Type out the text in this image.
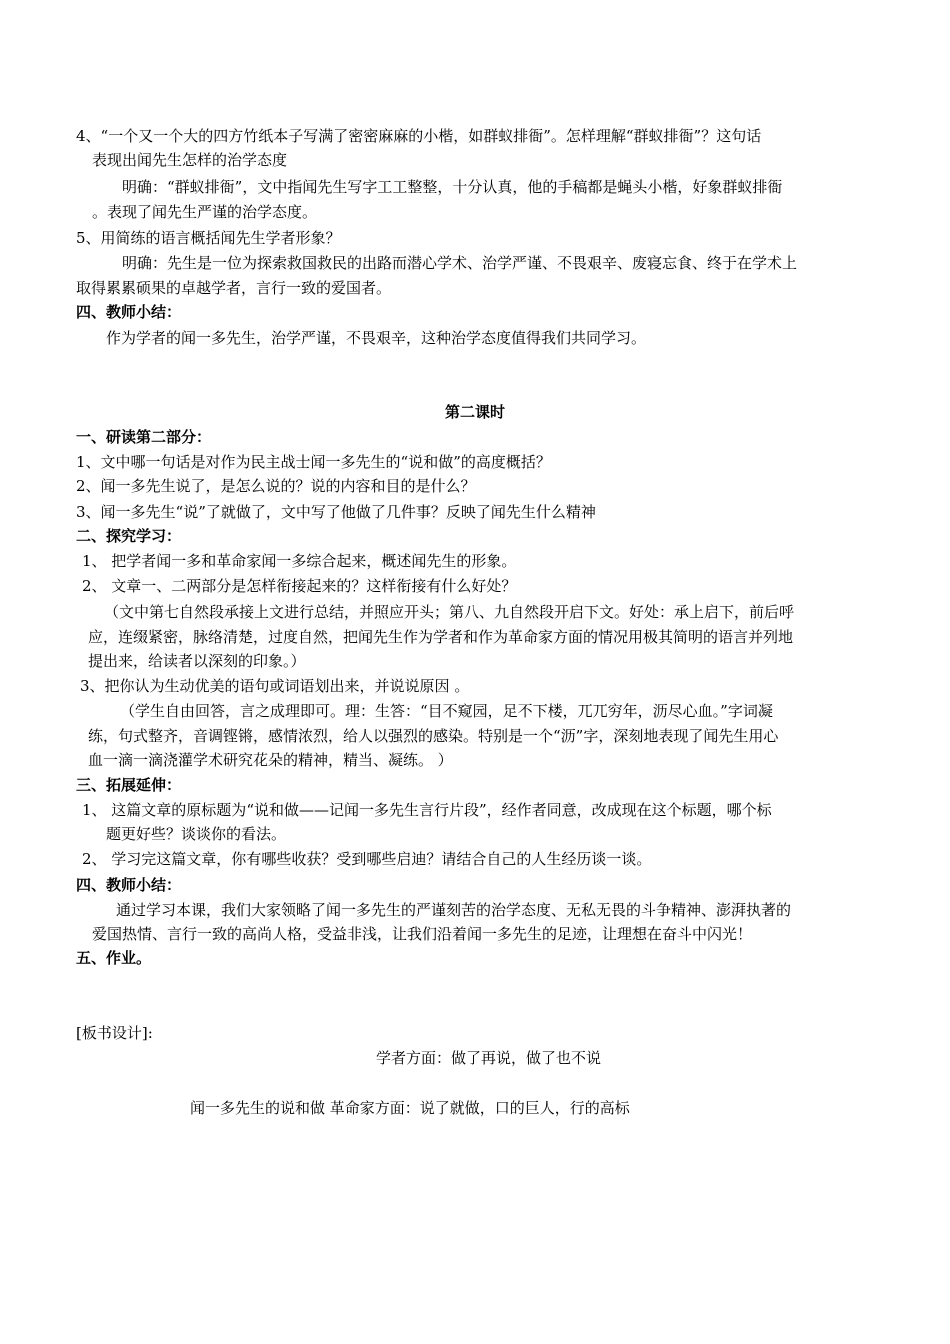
4、“一个又一个大的四方竹纸本子写满了密密麻麻的小楷，如群蚁排衙”。怎样理解“群蚁排衙”？这句话
表现出闻先生怎样的治学态度
明确：“群蚁排衙”，文中指闻先生写字工工整整，十分认真，他的手稿都是蝇头小楷，好象群蚁排衙
。表现了闻先生严谨的治学态度。
5、用简练的语言概括闻先生学者形象？
明确：先生是一位为探索救国救民的出路而潜心学术、治学严谨、不畏艰辛、废寝忘食、终于在学术上
取得累累硕果的卓越学者，言行一致的爱国者。
四、教师小结：
作为学者的闻一多先生，治学严谨，不畏艰辛，这种治学态度值得我们共同学习。
第二课时
一、研读第二部分：
1、文中哪一句话是对作为民主战士闻一多先生的“说和做”的高度概括？
2、闻一多先生说了，是怎么说的？说的内容和目的是什么？
3、闻一多先生“说”了就做了，文中写了他做了几件事？反映了闻先生什么精神
二、探究学习：
1、 把学者闻一多和革命家闻一多综合起来，概述闻先生的形象。
2、 文章一、二两部分是怎样衔接起来的？这样衔接有什么好处？
（文中第七自然段承接上文进行总结，并照应开头；第八、九自然段开启下文。好处：承上启下，前后呼
应，连缀紧密，脉络清楚，过度自然，把闻先生作为学者和作为革命家方面的情况用极其简明的语言并列地
提出来，给读者以深刻的印象。）
3、把你认为生动优美的语句或词语划出来，并说说原因 。
（学生自由回答，言之成理即可。理：生答：“目不窥园，足不下楼，兀兀穷年，沥尽心血。”字词凝
练，句式整齐，音调铿锵，感情浓烈，给人以强烈的感染。特别是一个“沥”字，深刻地表现了闻先生用心
血一滴一滴浇灌学术研究花朵的精神，精当、凝练。 ）
三、拓展延伸：
1、 这篇文章的原标题为“说和做——记闻一多先生言行片段”，经作者同意，改成现在这个标题，哪个标
题更好些？谈谈你的看法。
2、 学习完这篇文章，你有哪些收获？受到哪些启迪？请结合自己的人生经历谈一谈。
四、教师小结：
通过学习本课，我们大家领略了闻一多先生的严谨刻苦的治学态度、无私无畏的斗争精神、澎湃执著的
爱国热情、言行一致的高尚人格，受益非浅，让我们沿着闻一多先生的足迹，让理想在奋斗中闪光！
五、作业。
[板书设计]:
学者方面：做了再说，做了也不说
闻一多先生的说和做 革命家方面：说了就做，口的巨人，行的高标
